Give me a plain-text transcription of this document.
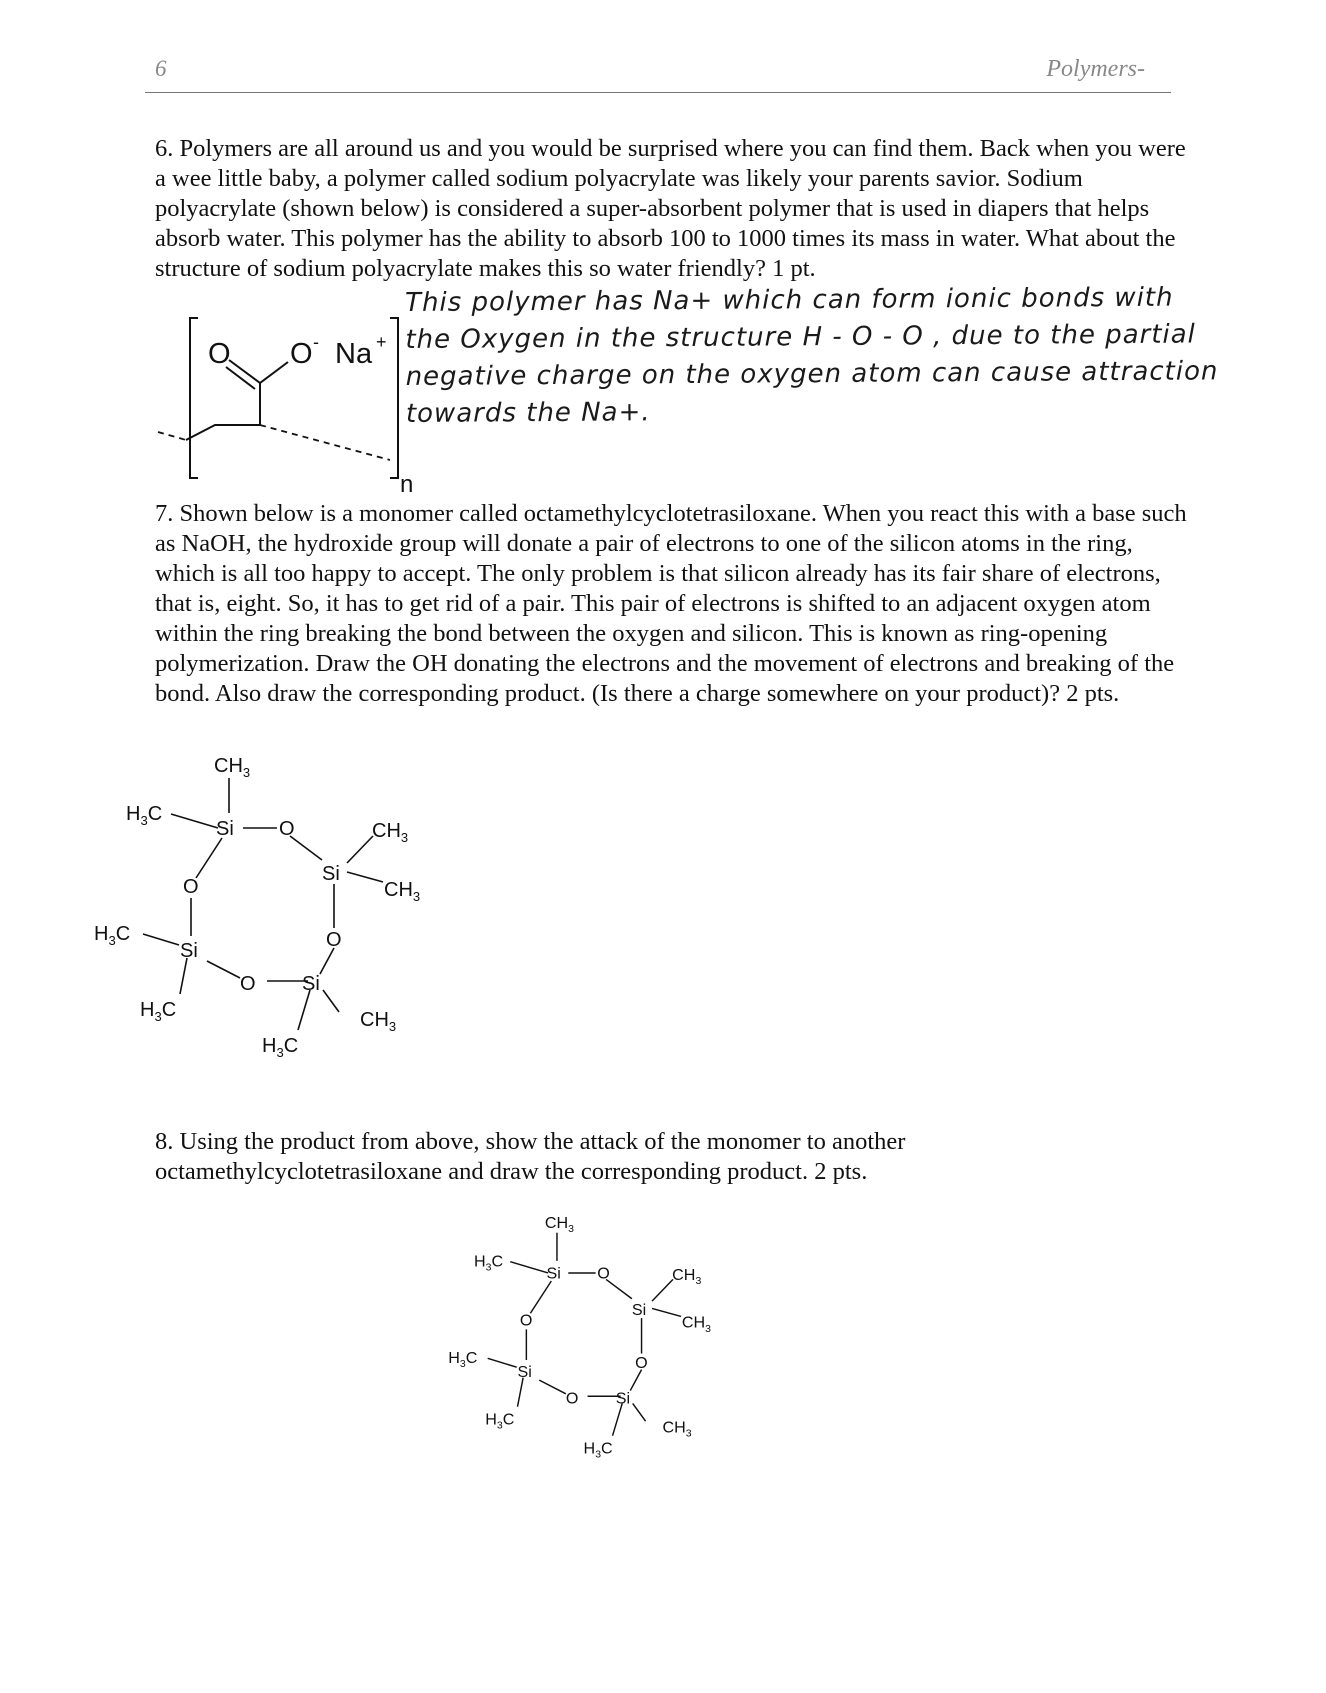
6	Polymers-

6. Polymers are all around us and you would be surprised where you can find them. Back when you were a wee little baby, a polymer called sodium polyacrylate was likely your parents savior. Sodium polyacrylate (shown below) is considered a super-absorbent polymer that is used in diapers that helps absorb water. This polymer has the ability to absorb 100 to 1000 times its mass in water. What about the structure of sodium polyacrylate makes this so water friendly? 1 pt.

O O - Na +
n
This polymer has Na+ which can form ionic bonds with
the Oxygen in the structure H - O - O , due to the partial
negative charge on the oxygen atom can cause attraction
towards the Na+.

7. Shown below is a monomer called octamethylcyclotetrasiloxane. When you react this with a base such as NaOH, the hydroxide group will donate a pair of electrons to one of the silicon atoms in the ring, which is all too happy to accept. The only problem is that silicon already has its fair share of electrons, that is, eight. So, it has to get rid of a pair. This pair of electrons is shifted to an adjacent oxygen atom within the ring breaking the bond between the oxygen and silicon. This is known as ring-opening polymerization. Draw the OH donating the electrons and the movement of electrons and breaking of the bond. Also draw the corresponding product. (Is there a charge somewhere on your product)? 2 pts.

Si O
Si
O
Si
O
Si
O
$CH_3$
$H_3C$
$CH_3$
$CH_3$
$H_3C$
$H_3C$	$CH_3$
$H_3C$

8. Using the product from above, show the attack of the monomer to another octamethylcyclotetrasiloxane and draw the corresponding product. 2 pts.

Si O
Si
O
Si
O
Si
O
$CH_3$
$H_3C$
$CH_3$
$CH_3$
$H_3C$
$H_3C$	$CH_3$
$H_3C$
